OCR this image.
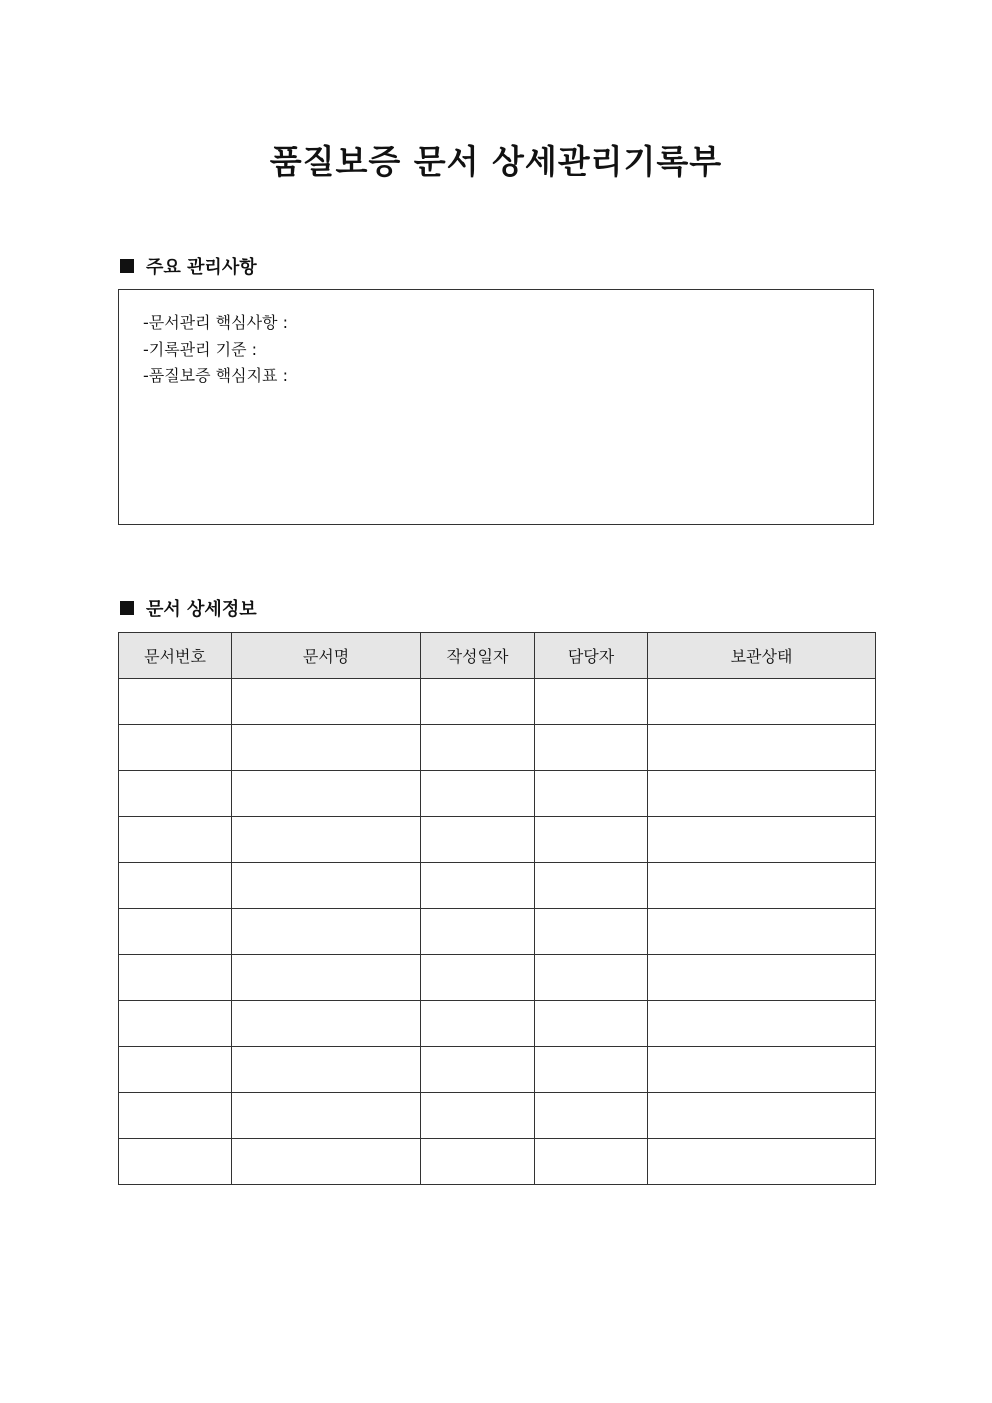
품질보증 문서 상세관리기록부
주요 관리사항
-문서관리 핵심사항 :
-기록관리 기준 :
-품질보증 핵심지표 :
문서 상세정보
문서번호	문서명	작성일자	담당자	보관상태
